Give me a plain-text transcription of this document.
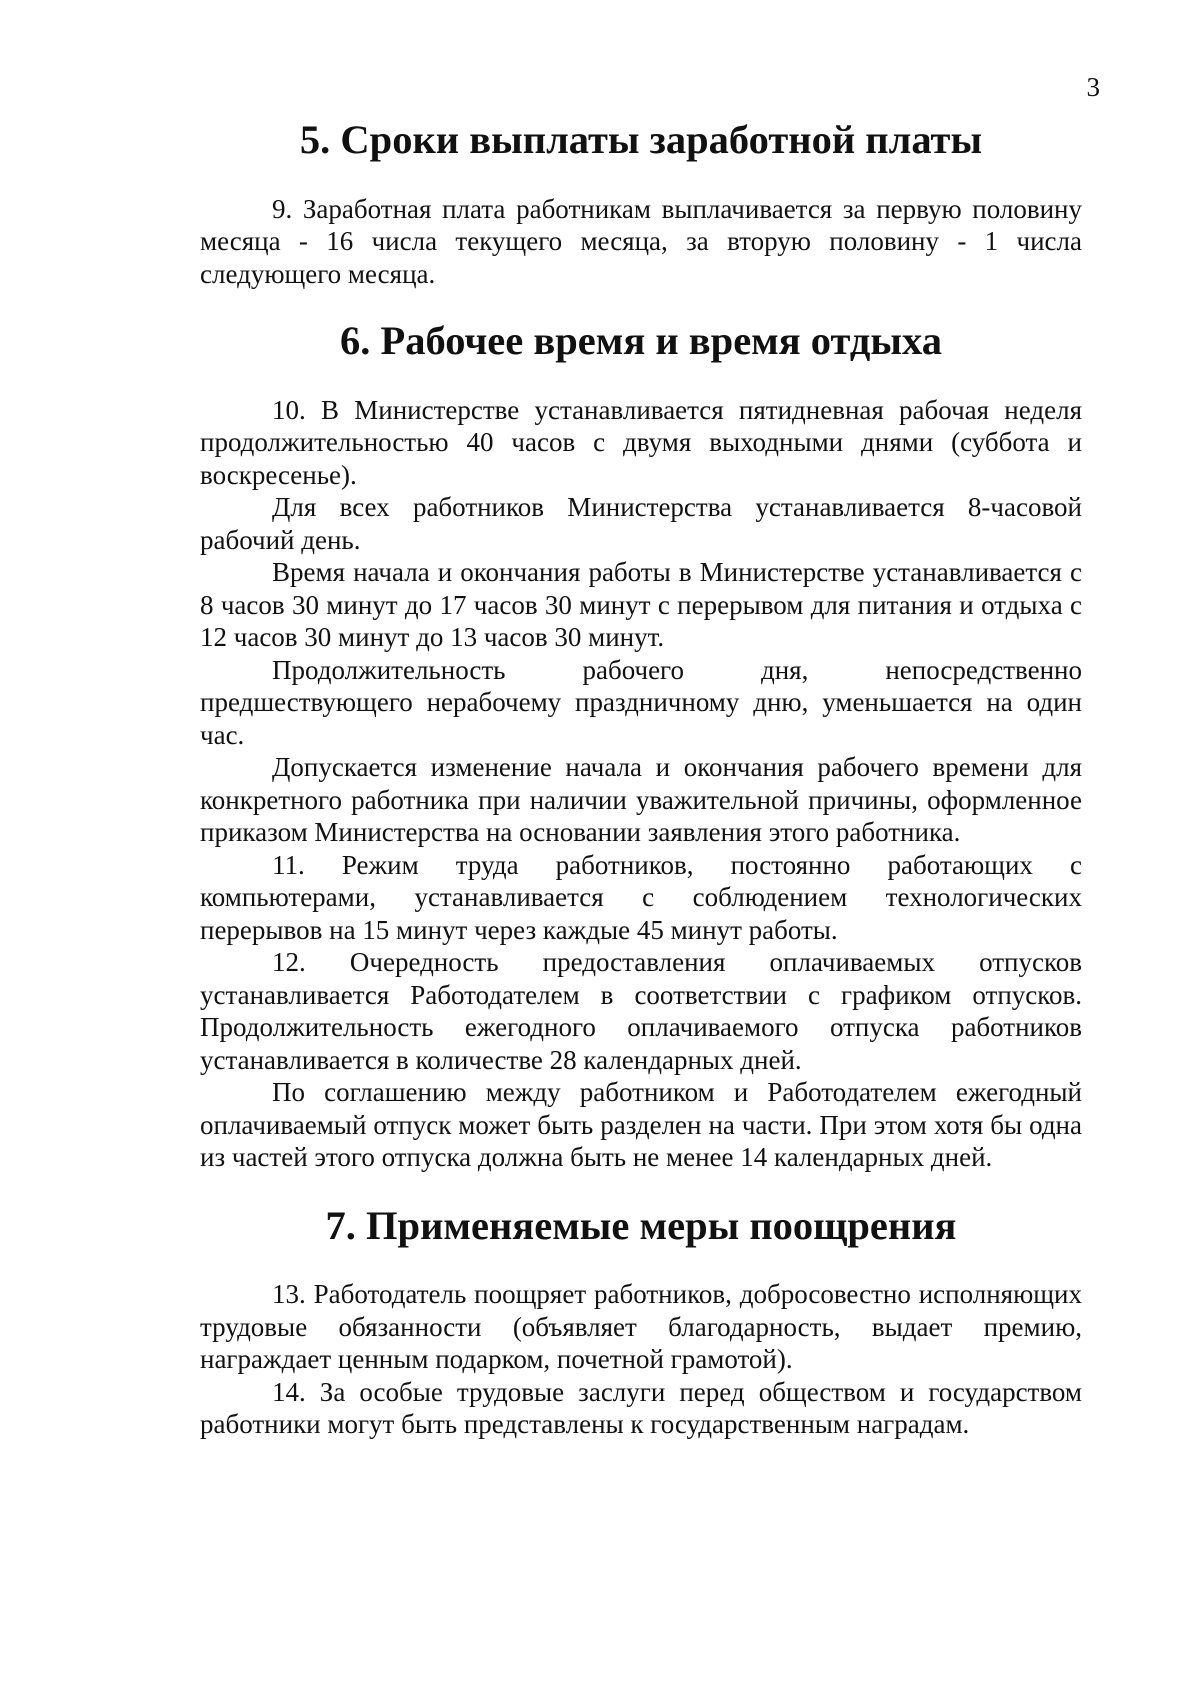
3
5. Сроки выплаты заработной платы

9. Заработная плата работникам выплачивается за первую половину месяца - 16 числа текущего месяца, за вторую половину - 1 числа следующего месяца.

6. Рабочее время и время отдыха

10. В Министерстве устанавливается пятидневная рабочая неделя продолжительностью 40 часов с двумя выходными днями (суббота и воскресенье).

Для всех работников Министерства устанавливается 8-часовой рабочий день.

Время начала и окончания работы в Министерстве устанавливается с 8 часов 30 минут до 17 часов 30 минут с перерывом для питания и отдыха с 12 часов 30 минут до 13 часов 30 минут.

Продолжительность рабочего дня, непосредственно предшествующего нерабочему праздничному дню, уменьшается на один час.

Допускается изменение начала и окончания рабочего времени для конкретного работника при наличии уважительной причины, оформленное приказом Министерства на основании заявления этого работника.

11. Режим труда работников, постоянно работающих с компьютерами, устанавливается с соблюдением технологических перерывов на 15 минут через каждые 45 минут работы.

12. Очередность предоставления оплачиваемых отпусков устанавливается Работодателем в соответствии с графиком отпусков. Продолжительность ежегодного оплачиваемого отпуска работников устанавливается в количестве 28 календарных дней.

По соглашению между работником и Работодателем ежегодный оплачиваемый отпуск может быть разделен на части. При этом хотя бы одна из частей этого отпуска должна быть не менее 14 календарных дней.

7. Применяемые меры поощрения

13. Работодатель поощряет работников, добросовестно исполняющих трудовые обязанности (объявляет благодарность, выдает премию, награждает ценным подарком, почетной грамотой).

14. За особые трудовые заслуги перед обществом и государством работники могут быть представлены к государственным наградам.
